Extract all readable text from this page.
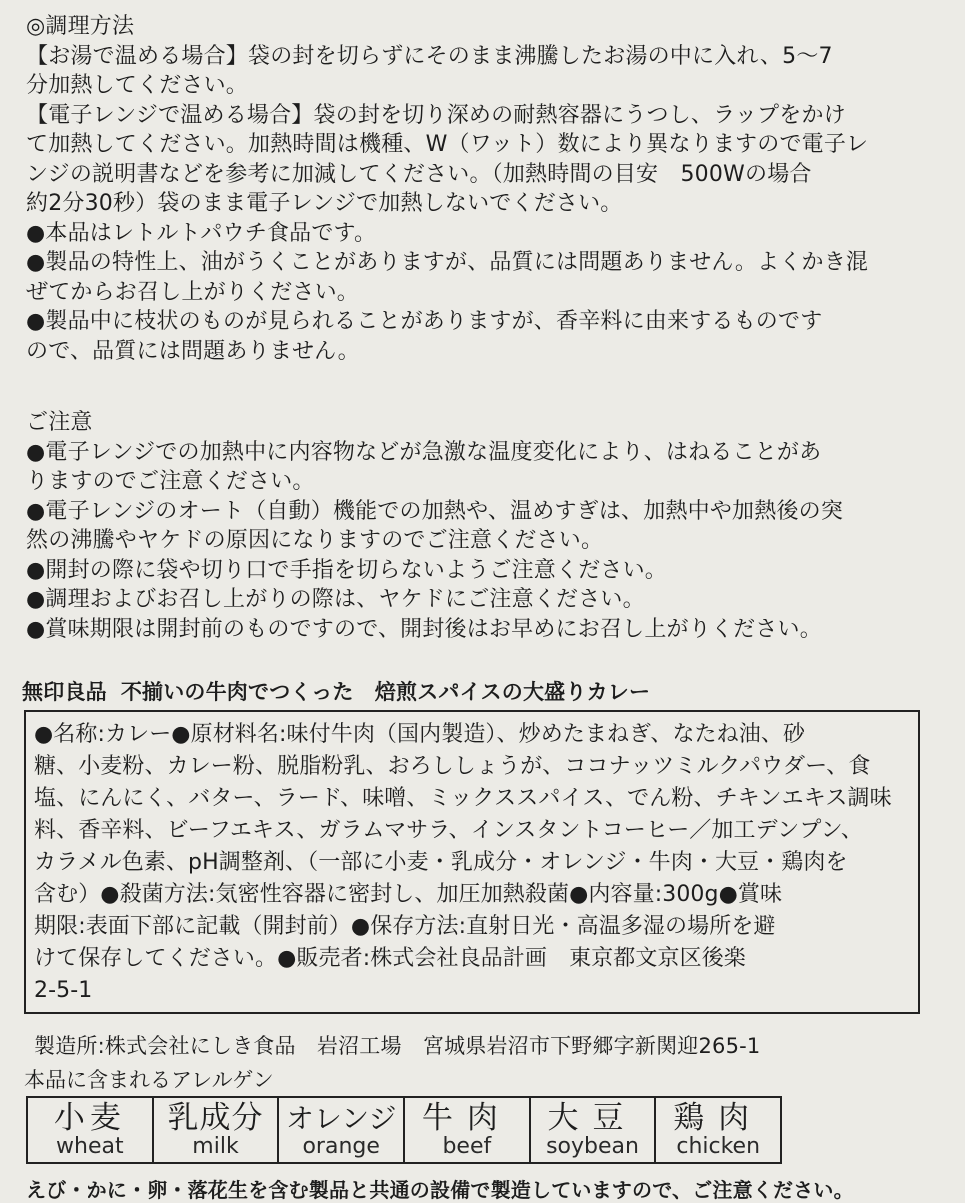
◎調理方法

【お湯で温める場合】袋の封を切らずにそのまま沸騰したお湯の中に入れ、5〜7
分加熱してください。

【電子レンジで温める場合】袋の封を切り深めの耐熱容器にうつし、ラップをかけ
て加熱してください。加熱時間は機種、W（ワット）数により異なりますので電子レ
ンジの説明書などを参考に加減してください。（加熱時間の目安　500Wの場合
約2分30秒）袋のまま電子レンジで加熱しないでください。

●本品はレトルトパウチ食品です。

●製品の特性上、油がうくことがありますが、品質には問題ありません。よくかき混
ぜてからお召し上がりください。

●製品中に枝状のものが見られることがありますが、香辛料に由来するものです
ので、品質には問題ありません。

ご注意

●電子レンジでの加熱中に内容物などが急激な温度変化により、はねることがあ
りますのでご注意ください。

●電子レンジのオート（自動）機能での加熱や、温めすぎは、加熱中や加熱後の突
然の沸騰やヤケドの原因になりますのでご注意ください。

●開封の際に袋や切り口で手指を切らないようご注意ください。

●調理およびお召し上がりの際は、ヤケドにご注意ください。

●賞味期限は開封前のものですので、開封後はお早めにお召し上がりください。

無印良品 不揃いの牛肉でつくった　焙煎スパイスの大盛りカレー

●名称:カレー●原材料名:味付牛肉（国内製造）、炒めたまねぎ、なたね油、砂

糖、小麦粉、カレー粉、脱脂粉乳、おろししょうが、ココナッツミルクパウダー、食

塩、にんにく、バター、ラード、味噌、ミックススパイス、でん粉、チキンエキス調味

料、香辛料、ビーフエキス、ガラムマサラ、インスタントコーヒー／加工デンプン、

カラメル色素、pH調整剤、（一部に小麦・乳成分・オレンジ・牛肉・大豆・鶏肉を

含む）●殺菌方法:気密性容器に密封し、加圧加熱殺菌●内容量:300g●賞味

期限:表面下部に記載（開封前）●保存方法:直射日光・高温多湿の場所を避

けて保存してください。●販売者:株式会社良品計画　東京都文京区後楽

2-5-1

製造所:株式会社にしき食品　岩沼工場　宮城県岩沼市下野郷字新関迎265-1
本品に含まれるアレルゲン
小麦
wheat
乳成分
milk
オレンジ
orange
牛肉
beef
大豆
soybean
鶏肉
chicken
えび・かに・卵・落花生を含む製品と共通の設備で製造していますので、ご注意ください。
